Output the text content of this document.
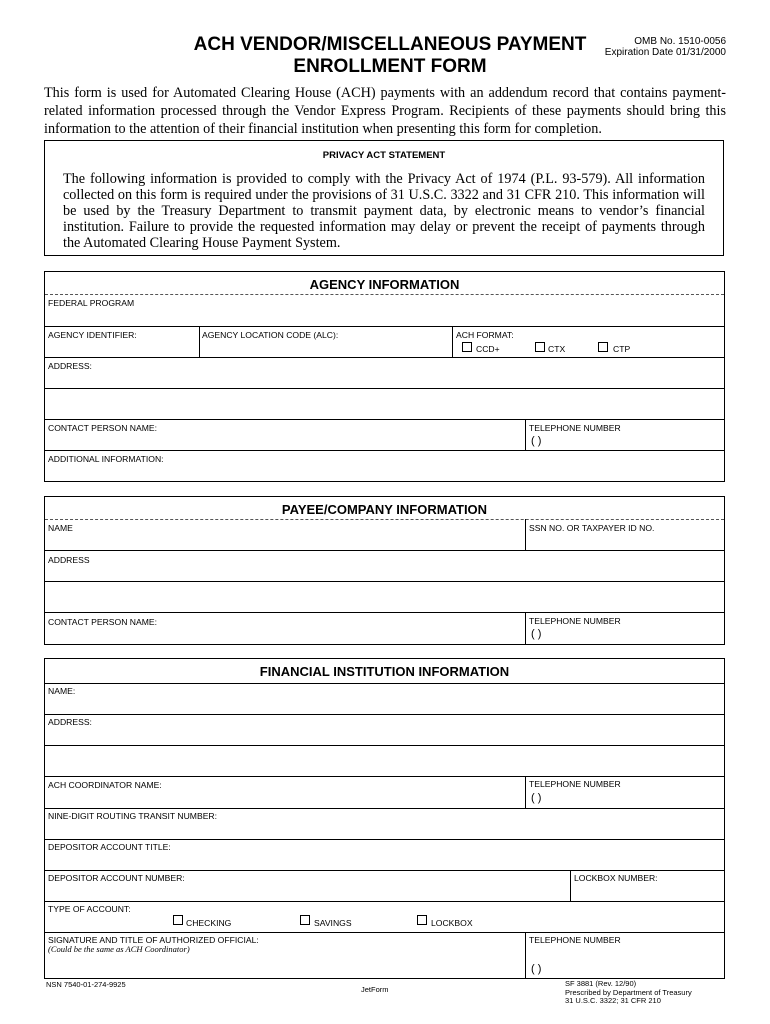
ACH VENDOR/MISCELLANEOUS PAYMENT
ENROLLMENT FORM
OMB No. 1510-0056
Expiration Date 01/31/2000
This form is used for Automated Clearing House (ACH) payments with an addendum record that contains payment-related information processed through the Vendor Express Program. Recipients of these payments should bring this information to the attention of their financial institution when presenting this form for completion.
PRIVACY ACT STATEMENT
The following information is provided to comply with the Privacy Act of 1974 (P.L. 93-579). All information collected on this form is required under the provisions of 31 U.S.C. 3322 and 31 CFR 210. This information will be used by the Treasury Department to transmit payment data, by electronic means to vendor’s financial institution. Failure to provide the requested information may delay or prevent the receipt of payments through the Automated Clearing House Payment System.
AGENCY INFORMATION
FEDERAL PROGRAM
AGENCY IDENTIFIER:	AGENCY LOCATION CODE (ALC):	ACH FORMAT:
CCD+	CTX	CTP
ADDRESS:
CONTACT PERSON NAME:	TELEPHONE NUMBER
( )
ADDITIONAL INFORMATION:
PAYEE/COMPANY INFORMATION
NAME	SSN NO. OR TAXPAYER ID NO.
ADDRESS
CONTACT PERSON NAME:	TELEPHONE NUMBER
( )
FINANCIAL INSTITUTION INFORMATION
NAME:
ADDRESS:
ACH COORDINATOR NAME:	TELEPHONE NUMBER
( )
NINE-DIGIT ROUTING TRANSIT NUMBER:
DEPOSITOR ACCOUNT TITLE:
DEPOSITOR ACCOUNT NUMBER:	LOCKBOX NUMBER:
TYPE OF ACCOUNT:
CHECKING	SAVINGS	LOCKBOX
SIGNATURE AND TITLE OF AUTHORIZED OFFICIAL:
(Could be the same as ACH Coordinator)
TELEPHONE NUMBER
( )
NSN 7540-01-274-9925
JetForm
SF 3881 (Rev. 12/90)
Prescribed by Department of Treasury
31 U.S.C. 3322; 31 CFR 210
